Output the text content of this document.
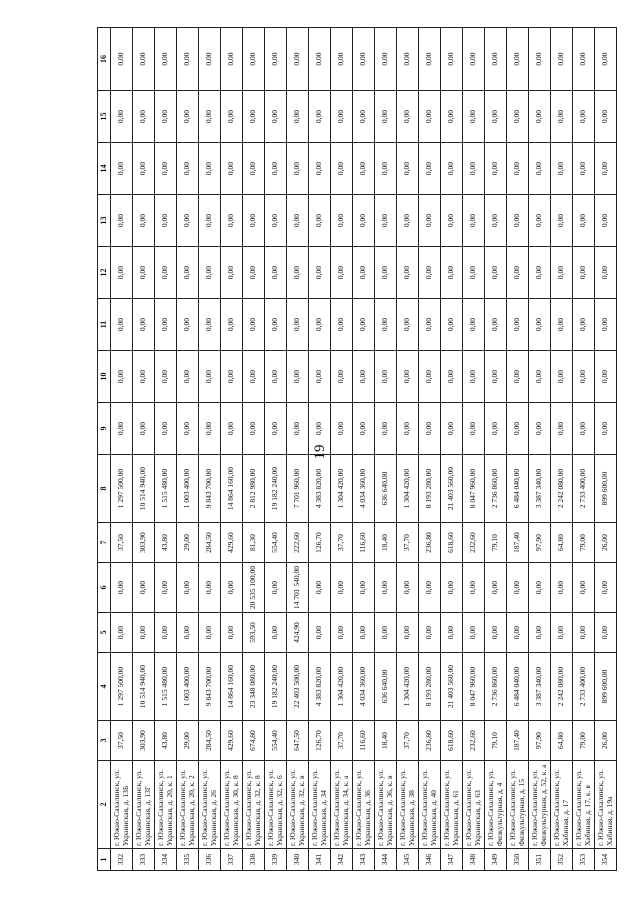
19
1	2	3	4	5	6	7	8	9	10	11	12	13	14	15	16
332	г. Южно-Сахалинск, ул. Украинская, д. 13Б	37,50	1 297 500,00	0,00	0,00	37,50	1 297 500,00	0,00	0,00	0,00	0,00	0,00	0,00	0,00	0,00
333	г. Южно-Сахалинск, ул. Украинская, д. 13Г	303,90	10 514 940,00	0,00	0,00	303,90	10 514 940,00	0,00	0,00	0,00	0,00	0,00	0,00	0,00	0,00
334	г. Южно-Сахалинск, ул. Украинская, д. 20, к. 1	43,80	1 515 480,00	0,00	0,00	43,80	1 515 480,00	0,00	0,00	0,00	0,00	0,00	0,00	0,00	0,00
335	г. Южно-Сахалинск, ул. Украинская, д. 20, к. 2	29,00	1 003 400,00	0,00	0,00	29,00	1 003 400,00	0,00	0,00	0,00	0,00	0,00	0,00	0,00	0,00
336	г. Южно-Сахалинск, ул. Украинская, д. 26	284,50	9 843 700,00	0,00	0,00	284,50	9 843 700,00	0,00	0,00	0,00	0,00	0,00	0,00	0,00	0,00
337	г. Южно-Сахалинск, ул. Украинская, д. 30, к. 8	429,60	14 864 160,00	0,00	0,00	429,60	14 864 160,00	0,00	0,00	0,00	0,00	0,00	0,00	0,00	0,00
338	г. Южно-Сахалинск, ул. Украинская, д. 32, к. 8	674,80	23 348 080,00	593,50	20 535 100,00	81,30	2 812 980,00	0,00	0,00	0,00	0,00	0,00	0,00	0,00	0,00
339	г. Южно-Сахалинск, ул. Украинская, д. 32, к. 6	554,40	19 182 240,00	0,00	0,00	554,40	19 182 240,00	0,00	0,00	0,00	0,00	0,00	0,00	0,00	0,00
340	г. Южно-Сахалинск, ул. Украинская, д. 32, к. в	647,50	22 403 500,00	424,90	14 701 540,00	222,60	7 701 960,00	0,00	0,00	0,00	0,00	0,00	0,00	0,00	0,00
341	г. Южно-Сахалинск, ул. Украинская, д. 34	126,70	4 383 820,00	0,00	0,00	126,70	4 383 820,00	0,00	0,00	0,00	0,00	0,00	0,00	0,00	0,00
342	г. Южно-Сахалинск, ул. Украинская, д. 34, к. а	37,70	1 304 420,00	0,00	0,00	37,70	1 304 420,00	0,00	0,00	0,00	0,00	0,00	0,00	0,00	0,00
343	г. Южно-Сахалинск, ул. Украинская, д. 36	116,60	4 034 360,00	0,00	0,00	116,60	4 034 360,00	0,00	0,00	0,00	0,00	0,00	0,00	0,00	0,00
344	г. Южно-Сахалинск, ул. Украинская, д. 36, к. в	18,40	636 640,00	0,00	0,00	18,40	636 640,00	0,00	0,00	0,00	0,00	0,00	0,00	0,00	0,00
345	г. Южно-Сахалинск, ул. Украинская, д. 38	37,70	1 304 420,00	0,00	0,00	37,70	1 304 420,00	0,00	0,00	0,00	0,00	0,00	0,00	0,00	0,00
346	г. Южно-Сахалинск, ул. Украинская, д. 40	236,80	8 193 280,00	0,00	0,00	236,80	8 193 280,00	0,00	0,00	0,00	0,00	0,00	0,00	0,00	0,00
347	г. Южно-Сахалинск, ул. Украинская, д. 61	618,60	21 403 560,00	0,00	0,00	618,60	21 403 560,00	0,00	0,00	0,00	0,00	0,00	0,00	0,00	0,00
348	г. Южно-Сахалинск, ул. Украинская, д. 63	232,60	8 047 960,00	0,00	0,00	232,60	8 047 960,00	0,00	0,00	0,00	0,00	0,00	0,00	0,00	0,00
349	г. Южно-Сахалинск, ул. Физкультурная, д. 4	79,10	2 736 860,00	0,00	0,00	79,10	2 736 860,00	0,00	0,00	0,00	0,00	0,00	0,00	0,00	0,00
350	г. Южно-Сахалинск, ул. Физкультурная, д. 15	187,40	6 484 040,00	0,00	0,00	187,40	6 484 040,00	0,00	0,00	0,00	0,00	0,00	0,00	0,00	0,00
351	г. Южно-Сахалинск, ул. Физкультурная, д. 52, к. а	97,90	3 387 340,00	0,00	0,00	97,90	3 387 340,00	0,00	0,00	0,00	0,00	0,00	0,00	0,00	0,00
352	г. Южно-Сахалинск, ул. Хабиная, д. 17	64,80	2 242 080,00	0,00	0,00	64,80	2 242 080,00	0,00	0,00	0,00	0,00	0,00	0,00	0,00	0,00
353	г. Южно-Сахалинск, ул. Хабиная, д. 17, к. в	79,00	2 733 400,00	0,00	0,00	79,00	2 733 400,00	0,00	0,00	0,00	0,00	0,00	0,00	0,00	0,00
354	г. Южно-Сахалинск, ул. Хабиная, д. 19а	26,00	899 600,00	0,00	0,00	26,00	899 600,00	0,00	0,00	0,00	0,00	0,00	0,00	0,00	0,00
